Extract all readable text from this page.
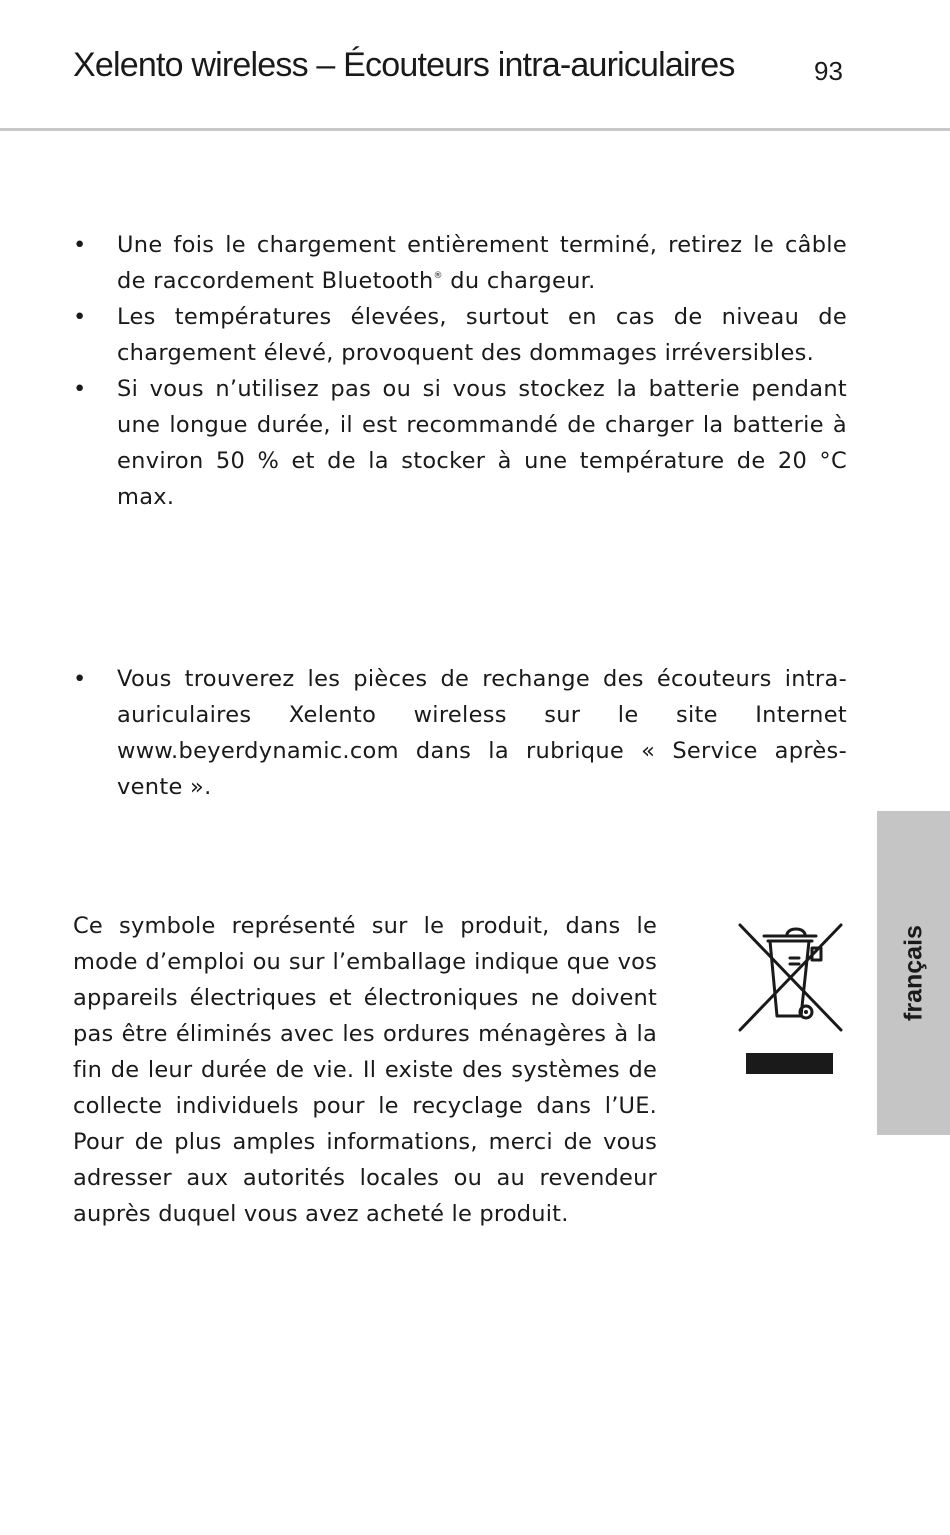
Xelento wireless – Écouteurs intra-auriculaires	93
• Une fois le chargement entièrement terminé, retirez le câble de raccordement Bluetooth® du chargeur.
• Les températures élevées, surtout en cas de niveau de chargement élevé, provoquent des dommages irréversibles.
• Si vous n’utilisez pas ou si vous stockez la batterie pendant une longue durée, il est recommandé de charger la batterie à environ 50 % et de la stocker à une température de 20 °C max.
• Vous trouverez les pièces de rechange des écouteurs intra-auriculaires Xelento wireless sur le site Internet www.beyerdynamic.com dans la rubrique « Service après-vente ».

Ce symbole représenté sur le produit, dans le mode d’emploi ou sur l’emballage indique que vos appareils électriques et électroniques ne doivent pas être éliminés avec les ordures ménagères à la fin de leur durée de vie. Il existe des systèmes de collecte individuels pour le recyclage dans l’UE. Pour de plus amples informations, merci de vous adresser aux autorités locales ou au revendeur auprès duquel vous avez acheté le produit.

français
